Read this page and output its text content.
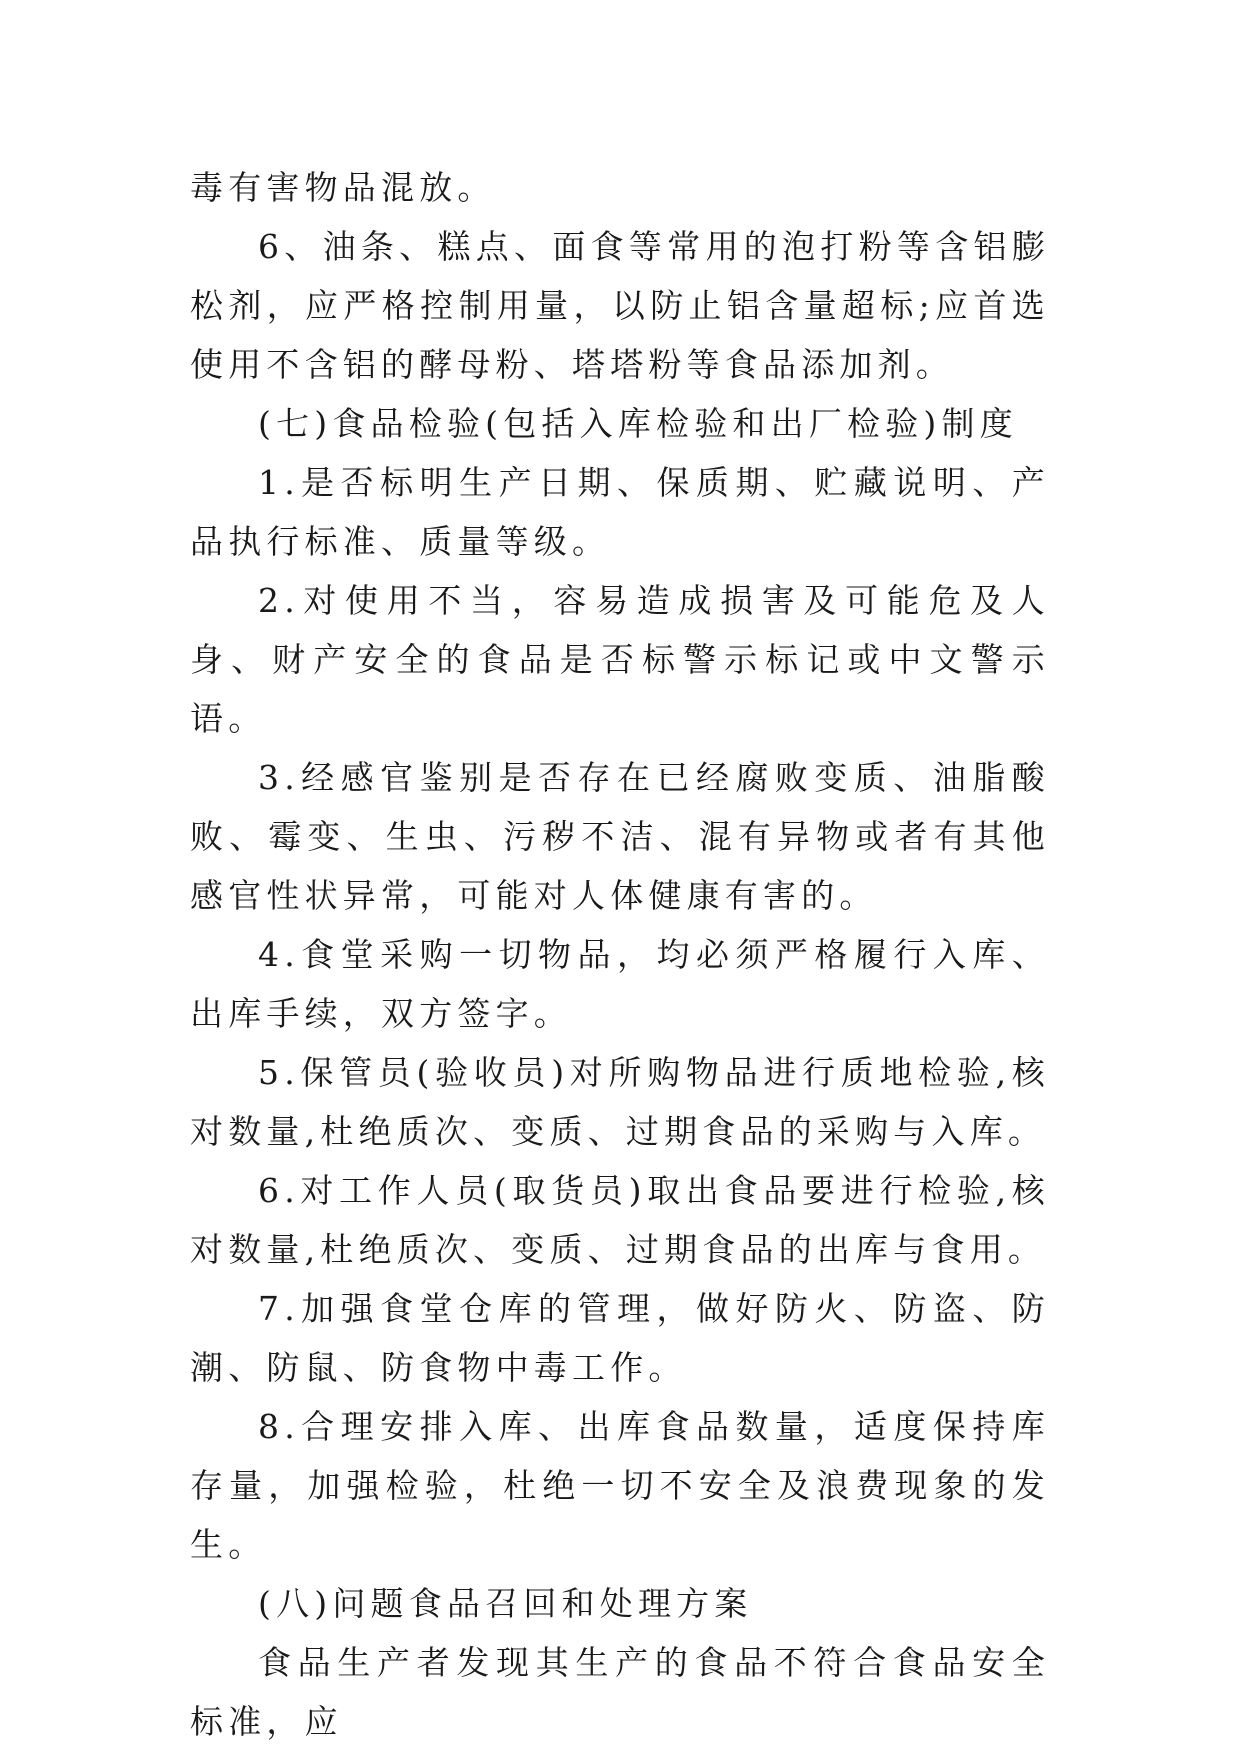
毒有害物品混放。

6、油条、糕点、面食等常用的泡打粉等含铝膨松剂，应严格控制用量，以防止铝含量超标;应首选使用不含铝的酵母粉、塔塔粉等食品添加剂。

(七)食品检验(包括入库检验和出厂检验)制度

1.是否标明生产日期、保质期、贮藏说明、产品执行标准、质量等级。

2.对使用不当，容易造成损害及可能危及人身、财产安全的食品是否标警示标记或中文警示语。

3.经感官鉴别是否存在已经腐败变质、油脂酸败、霉变、生虫、污秽不洁、混有异物或者有其他感官性状异常，可能对人体健康有害的。

4.食堂采购一切物品，均必须严格履行入库、出库手续，双方签字。

5.保管员(验收员)对所购物品进行质地检验,核对数量,杜绝质次、变质、过期食品的采购与入库。

6.对工作人员(取货员)取出食品要进行检验,核对数量,杜绝质次、变质、过期食品的出库与食用。

7.加强食堂仓库的管理，做好防火、防盗、防潮、防鼠、防食物中毒工作。

8.合理安排入库、出库食品数量，适度保持库存量，加强检验，杜绝一切不安全及浪费现象的发生。

(八)问题食品召回和处理方案

食品生产者发现其生产的食品不符合食品安全标准，应
